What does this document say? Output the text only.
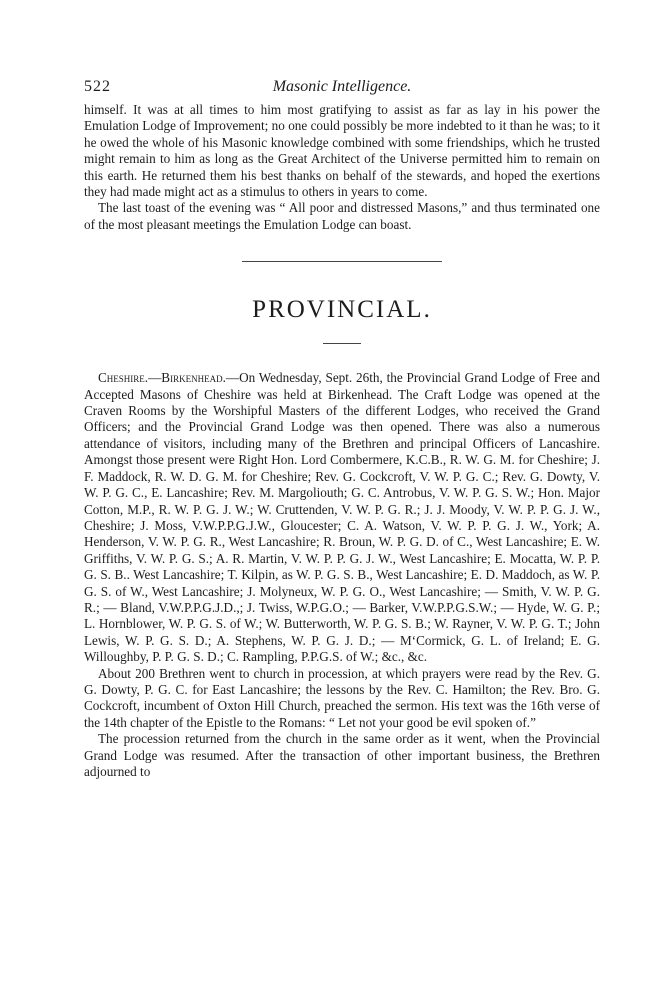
522	Masonic Intelligence.

himself. It was at all times to him most gratifying to assist as far as lay in his power the Emulation Lodge of Improvement; no one could possibly be more indebted to it than he was; to it he owed the whole of his Masonic knowledge combined with some friendships, which he trusted might remain to him as long as the Great Architect of the Universe permitted him to remain on this earth. He returned them his best thanks on behalf of the stewards, and hoped the exertions they had made might act as a stimulus to others in years to come.

The last toast of the evening was “ All poor and distressed Masons,” and thus terminated one of the most pleasant meetings the Emulation Lodge can boast.

PROVINCIAL.

Cheshire.—Birkenhead.—On Wednesday, Sept. 26th, the Provincial Grand Lodge of Free and Accepted Masons of Cheshire was held at Birkenhead. The Craft Lodge was opened at the Craven Rooms by the Worshipful Masters of the different Lodges, who received the Grand Officers; and the Provincial Grand Lodge was then opened. There was also a numerous attendance of visitors, including many of the Brethren and principal Officers of Lancashire. Amongst those present were Right Hon. Lord Combermere, K.C.B., R. W. G. M. for Cheshire; J. F. Maddock, R. W. D. G. M. for Cheshire; Rev. G. Cockcroft, V. W. P. G. C.; Rev. G. Dowty, V. W. P. G. C., E. Lancashire; Rev. M. Margoliouth; G. C. Antrobus, V. W. P. G. S. W.; Hon. Major Cotton, M.P., R. W. P. G. J. W.; W. Cruttenden, V. W. P. G. R.; J. J. Moody, V. W. P. P. G. J. W., Cheshire; J. Moss, V.W.P.P.G.J.W., Gloucester; C. A. Watson, V. W. P. P. G. J. W., York; A. Henderson, V. W. P. G. R., West Lancashire; R. Broun, W. P. G. D. of C., West Lancashire; E. W. Griffiths, V. W. P. G. S.; A. R. Martin, V. W. P. P. G. J. W., West Lancashire; E. Mocatta, W. P. P. G. S. B.. West Lancashire; T. Kilpin, as W. P. G. S. B., West Lancashire; E. D. Maddoch, as W. P. G. S. of W., West Lancashire; J. Molyneux, W. P. G. O., West Lancashire; — Smith, V. W. P. G. R.; — Bland, V.W.P.P.G.J.D.,; J. Twiss, W.P.G.O.; — Barker, V.W.P.P.G.S.W.; — Hyde, W. G. P.; L. Hornblower, W. P. G. S. of W.; W. Butterworth, W. P. G. S. B.; W. Rayner, V. W. P. G. T.; John Lewis, W. P. G. S. D.; A. Stephens, W. P. G. J. D.; — M‘Cormick, G. L. of Ireland; E. G. Willoughby, P. P. G. S. D.; C. Rampling, P.P.G.S. of W.; &c., &c.

About 200 Brethren went to church in procession, at which prayers were read by the Rev. G. G. Dowty, P. G. C. for East Lancashire; the lessons by the Rev. C. Hamilton; the Rev. Bro. G. Cockcroft, incumbent of Oxton Hill Church, preached the sermon. His text was the 16th verse of the 14th chapter of the Epistle to the Romans: “ Let not your good be evil spoken of.”

The procession returned from the church in the same order as it went, when the Provincial Grand Lodge was resumed. After the transaction of other important business, the Brethren adjourned to
